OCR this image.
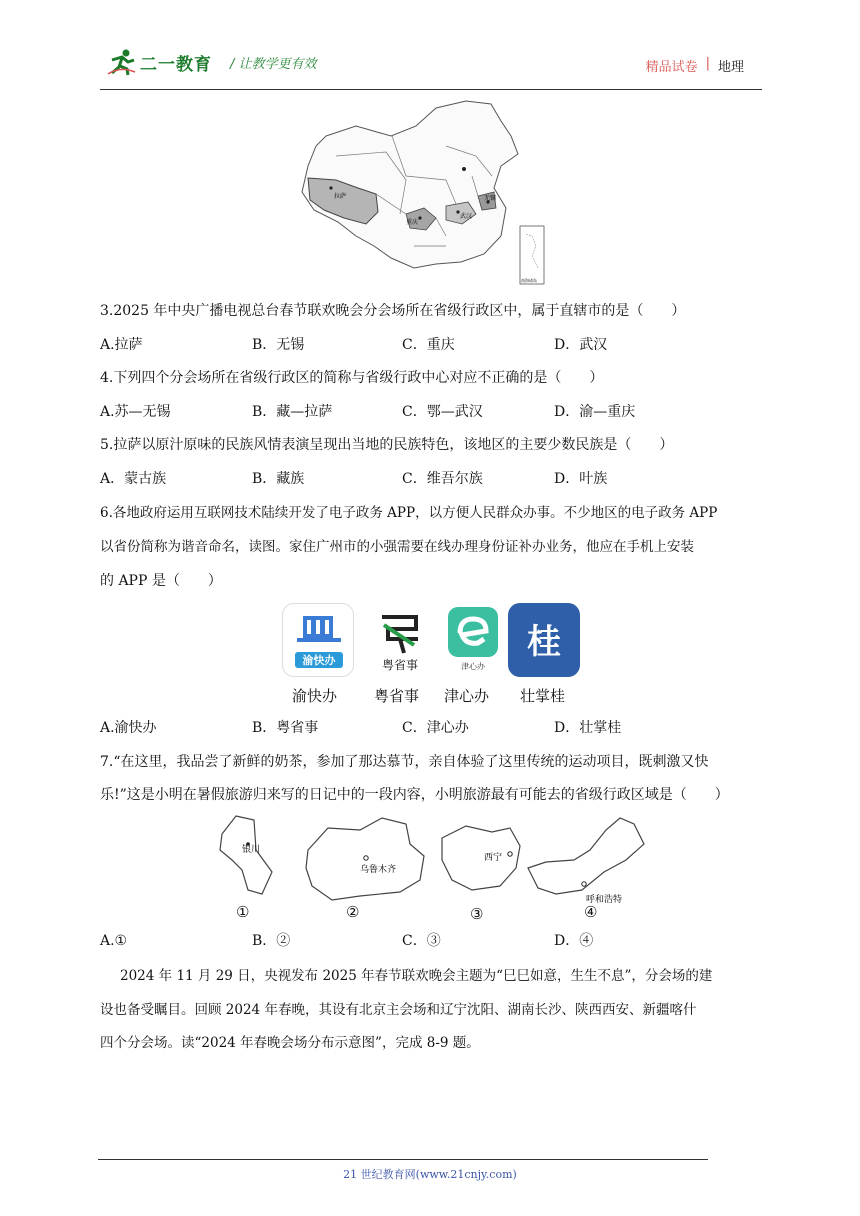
二一教育 / 让教学更有效	精品试卷 | 地理
拉萨
重庆
武汉
无锡
南海诸岛
3.2025 年中央广播电视总台春节联欢晚会分会场所在省级行政区中，属于直辖市的是（　　）
A.拉萨	B．无锡	C．重庆	D．武汉
4.下列四个分会场所在省级行政区的简称与省级行政中心对应不正确的是（　　）
A.苏—无锡	B．藏—拉萨	C．鄂—武汉	D．渝—重庆
5.拉萨以原汁原味的民族风情表演呈现出当地的民族特色，该地区的主要少数民族是（　　）
A．蒙古族	B．藏族	C．维吾尔族	D．叶族
6.各地政府运用互联网技术陆续开发了电子政务 APP，以方便人民群众办事。不少地区的电子政务 APP
以省份简称为谐音命名，读图。家住广州市的小强需要在线办理身份证补办业务，他应在手机上安装
的 APP 是（　　）
渝快办	粤省事	津心办
桂
渝快办 粤省事 津心办 壮掌桂
A.渝快办	B．粤省事	C．津心办	D．壮掌桂
7.“在这里，我品尝了新鲜的奶茶，参加了那达慕节，亲自体验了这里传统的运动项目，既刺激又快
乐!”这是小明在暑假旅游归来写的日记中的一段内容，小明旅游最有可能去的省级行政区域是（　　）
银川
乌鲁木齐
西宁
呼和浩特
①	②	③	④
A.①	B．②	C．③	D．④
2024 年 11 月 29 日，央视发布 2025 年春节联欢晚会主题为“巳巳如意，生生不息”，分会场的建
设也备受瞩目。回顾 2024 年春晚，其设有北京主会场和辽宁沈阳、湖南长沙、陕西西安、新疆喀什
四个分会场。读“2024 年春晚会场分布示意图”，完成 8-9 题。
21 世纪教育网(www.21cnjy.com)
